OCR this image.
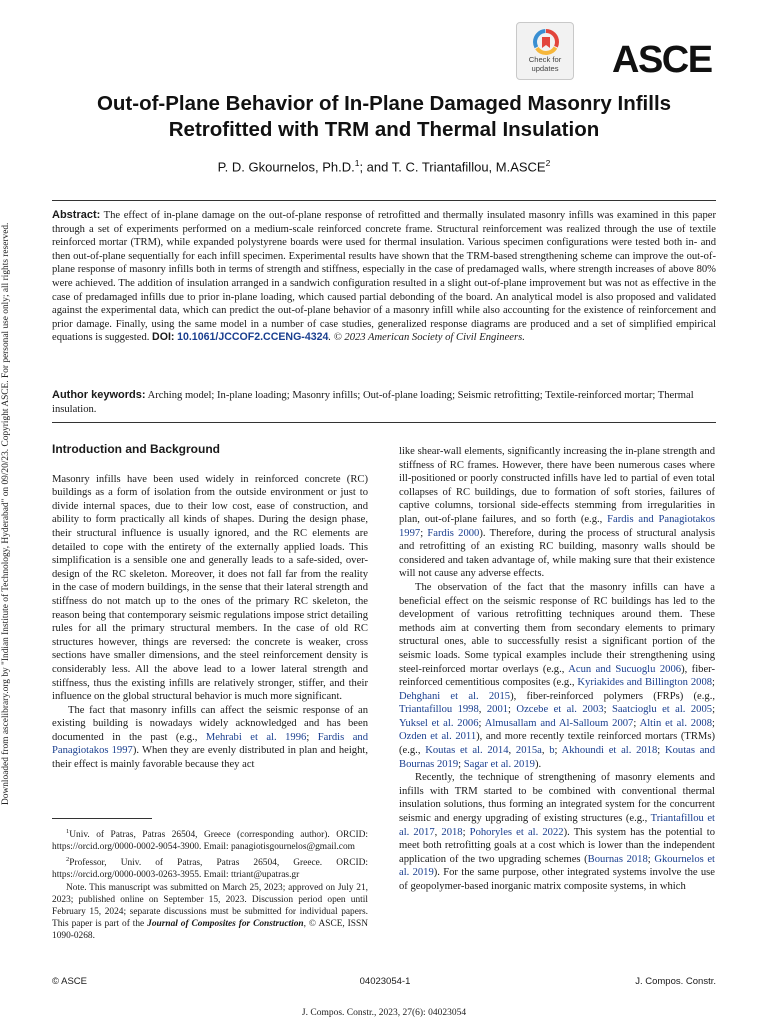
Downloaded from ascelibrary.org by "Indian Institute of Technology, Hyderabad" on 09/20/23. Copyright ASCE. For personal use only; all rights reserved.
Check for
updates	ASCE
Out-of-Plane Behavior of In-Plane Damaged Masonry Infills
Retrofitted with TRM and Thermal Insulation
P. D. Gkournelos, Ph.D.$^1$; and T. C. Triantafillou, M.ASCE$^2$
Abstract: The effect of in-plane damage on the out-of-plane response of retrofitted and thermally insulated masonry infills was examined in this paper through a set of experiments performed on a medium-scale reinforced concrete frame. Structural reinforcement was realized through the use of textile reinforced mortar (TRM), while expanded polystyrene boards were used for thermal insulation. Various specimen configurations were tested both in- and then out-of-plane sequentially for each infill specimen. Experimental results have shown that the TRM-based strengthening scheme can improve the out-of-plane response of masonry infills both in terms of strength and stiffness, especially in the case of predamaged walls, where strength increases of above 80% were achieved. The addition of insulation arranged in a sandwich configuration resulted in a slight out-of-plane improvement but was not as effective in the case of predamaged infills due to prior in-plane loading, which caused partial debonding of the board. An analytical model is also proposed and validated against the experimental data, which can predict the out-of-plane behavior of a masonry infill while also accounting for the existence of reinforcement and prior damage. Finally, using the same model in a number of case studies, generalized response diagrams are produced and a set of simplified empirical equations is suggested. DOI: 10.1061/JCCOF2.CCENG-4324. © 2023 American Society of Civil Engineers.
Author keywords: Arching model; In-plane loading; Masonry infills; Out-of-plane loading; Seismic retrofitting; Textile-reinforced mortar; Thermal insulation.
Introduction and Background

Masonry infills have been used widely in reinforced concrete (RC) buildings as a form of isolation from the outside environment or just to divide internal spaces, due to their low cost, ease of construction, and ability to form practically all kinds of shapes. During the design phase, their structural influence is usually ignored, and the RC elements are detailed to cope with the entirety of the externally applied loads. This simplification is a sensible one and generally leads to a safe-sided, over-design of the RC skeleton. Moreover, it does not fall far from the reality in the case of modern buildings, in the sense that their lateral strength and stiffness do not match up to the ones of the primary RC skeleton, the reason being that contemporary seismic regulations impose strict detailing rules for all the primary structural members. In the case of old RC structures however, things are reversed: the concrete is weaker, cross sections have smaller dimensions, and the steel reinforcement density is considerably less. All the above lead to a lower lateral strength and stiffness, thus the existing infills are relatively stronger, stiffer, and their influence on the global structural behavior is much more significant.

The fact that masonry infills can affect the seismic response of an existing building is nowadays widely acknowledged and has been documented in the past (e.g., Mehrabi et al. 1996; Fardis and Panagiotakos 1997). When they are evenly distributed in plan and height, their effect is mainly favorable because they act

$^1$Univ. of Patras, Patras 26504, Greece (corresponding author). ORCID: https://orcid.org/0000-0002-9054-3900. Email: panagiotisgournelos@gmail.com

$^2$Professor, Univ. of Patras, Patras 26504, Greece. ORCID: https://orcid.org/0000-0003-0263-3955. Email: ttriant@upatras.gr

Note. This manuscript was submitted on March 25, 2023; approved on July 21, 2023; published online on September 15, 2023. Discussion period open until February 15, 2024; separate discussions must be submitted for individual papers. This paper is part of the Journal of Composites for Construction, © ASCE, ISSN 1090-0268.

like shear-wall elements, significantly increasing the in-plane strength and stiffness of RC frames. However, there have been numerous cases where ill-positioned or poorly constructed infills have led to partial of even total collapses of RC buildings, due to formation of soft stories, failures of captive columns, torsional side-effects stemming from irregularities in plan, out-of-plane failures, and so forth (e.g., Fardis and Panagiotakos 1997; Fardis 2000). Therefore, during the process of structural analysis and retrofitting of an existing RC building, masonry walls should be considered and taken advantage of, while making sure that their existence will not cause any adverse effects.

The observation of the fact that the masonry infills can have a beneficial effect on the seismic response of RC buildings has led to the development of various retrofitting techniques around them. These methods aim at converting them from secondary elements to primary structural ones, able to successfully resist a significant portion of the seismic loads. Some typical examples include their strengthening using steel-reinforced mortar overlays (e.g., Acun and Sucuoglu 2006), fiber-reinforced cementitious composites (e.g., Kyriakides and Billington 2008; Dehghani et al. 2015), fiber-reinforced polymers (FRPs) (e.g., Triantafillou 1998, 2001; Ozcebe et al. 2003; Saatcioglu et al. 2005; Yuksel et al. 2006; Almusallam and Al-Salloum 2007; Altin et al. 2008; Ozden et al. 2011), and more recently textile reinforced mortars (TRMs) (e.g., Koutas et al. 2014, 2015a, b; Akhoundi et al. 2018; Koutas and Bournas 2019; Sagar et al. 2019).

Recently, the technique of strengthening of masonry elements and infills with TRM started to be combined with conventional thermal insulation solutions, thus forming an integrated system for the concurrent seismic and energy upgrading of existing structures (e.g., Triantafillou et al. 2017, 2018; Pohoryles et al. 2022). This system has the potential to meet both retrofitting goals at a cost which is lower than the independent application of the two upgrading schemes (Bournas 2018; Gkournelos et al. 2019). For the same purpose, other integrated systems involve the use of geopolymer-based inorganic matrix composite systems, in which

© ASCE	04023054-1	J. Compos. Constr.
J. Compos. Constr., 2023, 27(6): 04023054
